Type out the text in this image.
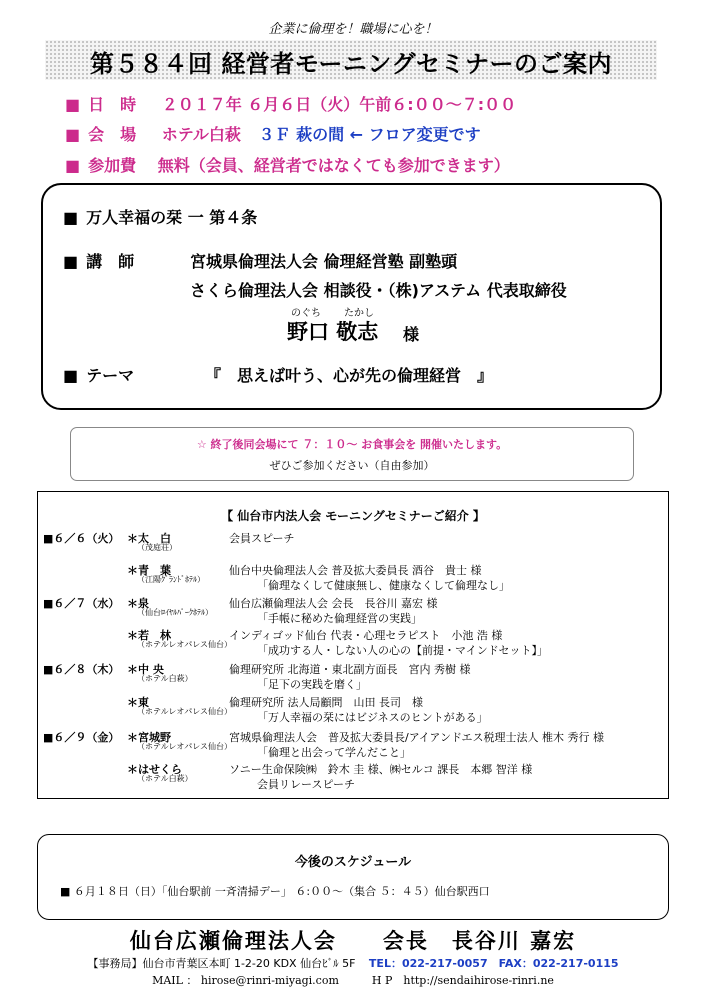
企業に倫理を！職場に心を！
第５８４回 経営者モーニングセミナーのご案内
■ 日　時 ２０１７年 ６月６日（火）午前６:００～７:００
■ 会　場 ホテル白萩 ３Ｆ 萩の間 ← フロア変更です
■ 参加費 無料（会員、経営者ではなくても参加できます）
■ 万人幸福の栞 一 第４条
■ 講　師	宮城県倫理法人会 倫理経営塾 副塾頭
さくら倫理法人会 相談役・（株)アステム 代表取締役
のぐち たかし
野口 敬志 様
■ テーマ	『　思えば叶う、心が先の倫理経営　』
☆ 終了後同会場にて ７：１０～ お食事会を 開催いたします。
ぜひご参加ください（自由参加）
【 仙台市内法人会 モーニングセミナーご紹介 】
■６／６（火） ＊太　白
（茂庭荘）
会員スピーチ
＊青　葉
（江陽ｸﾞﾗﾝﾄﾞﾎﾃﾙ）
仙台中央倫理法人会 普及拡大委員長 酒谷　貴士 様
「倫理なくして健康無し、健康なくして倫理なし」
■６／７（水） ＊泉
（仙台ﾛｲﾔﾙﾊﾟｰｸﾎﾃﾙ）
仙台広瀬倫理法人会 会長　長谷川 嘉宏 様
「手帳に秘めた倫理経営の実践」
＊若　林
（ホテルレオパレス仙台）
インディゴッド仙台 代表・心理セラピスト　小池 浩 様
「成功する人・しない人の心の【前提・マインドセット】」
■６／８（木） ＊中 央
（ホテル白萩）
倫理研究所 北海道・東北副方面長　宮内 秀樹 様
「足下の実践を磨く」
＊東
（ホテルレオパレス仙台）
倫理研究所 法人局顧問　山田 長司　様
「万人幸福の栞にはビジネスのヒントがある」
■６／９（金） ＊宮城野
（ホテルレオパレス仙台）
宮城県倫理法人会　普及拡大委員長/アイアンドエス税理士法人 椎木 秀行 様
「倫理と出会って学んだこと」
＊はせくら
（ホテル白萩）
ソニー生命保険㈱　鈴木 圭 様、㈱セルコ 課長　本郷 智洋 様
会員リレースピーチ
今後のスケジュール
■ ６月１８日（日）「仙台駅前 一斉清掃デー」 ６:００～（集合 ５：４５）仙台駅西口
仙台広瀬倫理法人会　　会長　長谷川 嘉宏
【事務局】仙台市青葉区本町 1-2-20 KDX 仙台ﾋﾞﾙ 5F TEL：022-217-0057　FAX：022-217-0115
MAIL ： hirose@rinri-miyagi.com　　　H P　http://sendaihirose-rinri.ne
